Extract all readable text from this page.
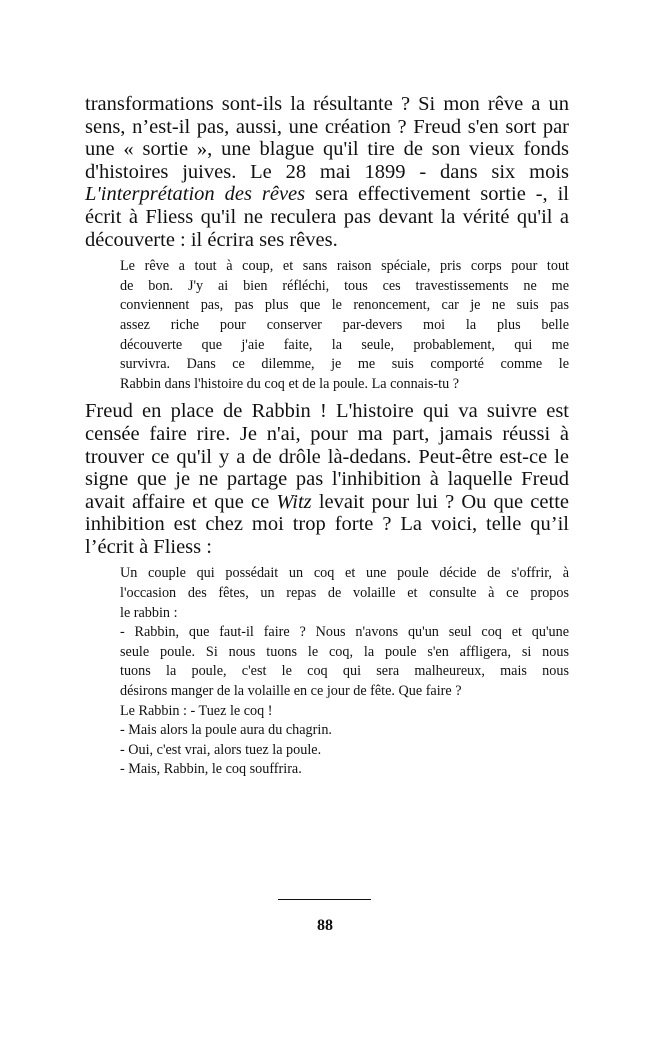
transformations sont-ils la résultante ? Si mon rêve a un
sens, n’est-il pas, aussi, une création ? Freud s'en sort par
une « sortie », une blague qu'il tire de son vieux fonds
d'histoires juives. Le 28 mai 1899 - dans six mois
L'interprétation des rêves sera effectivement sortie -, il
écrit à Fliess qu'il ne reculera pas devant la vérité qu'il a
découverte : il écrira ses rêves.
Le rêve a tout à coup, et sans raison spéciale, pris corps pour tout
de bon. J'y ai bien réfléchi, tous ces travestissements ne me
conviennent pas, pas plus que le renoncement, car je ne suis pas
assez riche pour conserver par-devers moi la plus belle
découverte que j'aie faite, la seule, probablement, qui me
survivra. Dans ce dilemme, je me suis comporté comme le
Rabbin dans l'histoire du coq et de la poule. La connais-tu ?
Freud en place de Rabbin ! L'histoire qui va suivre est
censée faire rire. Je n'ai, pour ma part, jamais réussi à
trouver ce qu'il y a de drôle là-dedans. Peut-être est-ce le
signe que je ne partage pas l'inhibition à laquelle Freud
avait affaire et que ce Witz levait pour lui ? Ou que cette
inhibition est chez moi trop forte ? La voici, telle qu’il
l’écrit à Fliess :
Un couple qui possédait un coq et une poule décide de s'offrir, à
l'occasion des fêtes, un repas de volaille et consulte à ce propos
le rabbin :
- Rabbin, que faut-il faire ? Nous n'avons qu'un seul coq et qu'une
seule poule. Si nous tuons le coq, la poule s'en affligera, si nous
tuons la poule, c'est le coq qui sera malheureux, mais nous
désirons manger de la volaille en ce jour de fête. Que faire ?
Le Rabbin : - Tuez le coq !
- Mais alors la poule aura du chagrin.
- Oui, c'est vrai, alors tuez la poule.
- Mais, Rabbin, le coq souffrira.
88
